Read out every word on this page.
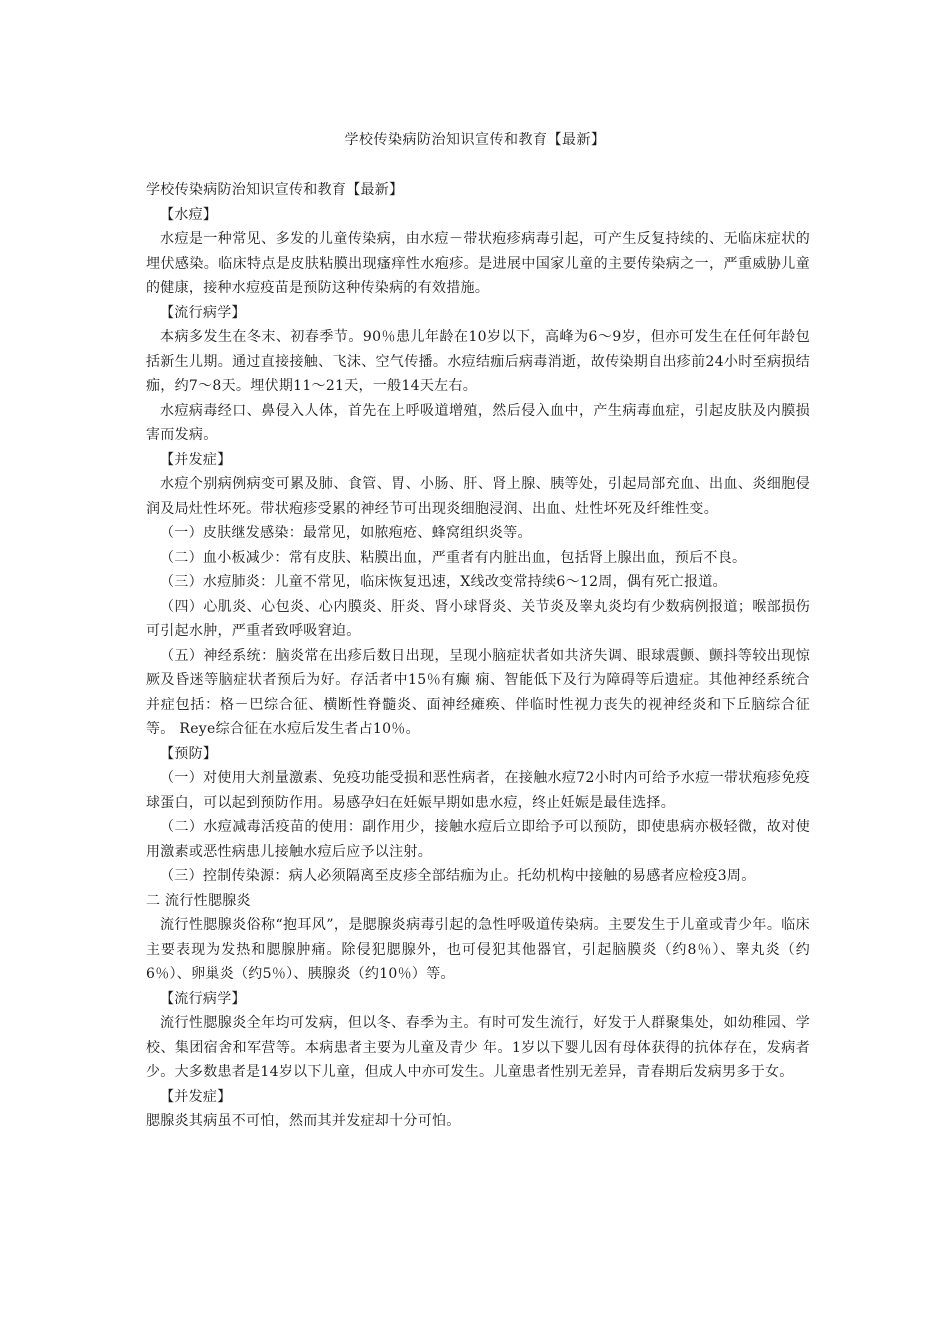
学校传染病防治知识宣传和教育【最新】

学校传染病防治知识宣传和教育【最新】

【水痘】

水痘是一种常见、多发的儿童传染病，由水痘－带状疱疹病毒引起，可产生反复持续的、无临床症状的埋伏感染。临床特点是皮肤粘膜出现瘙痒性水疱疹。是进展中国家儿童的主要传染病之一，严重威胁儿童的健康，接种水痘疫苗是预防这种传染病的有效措施。

【流行病学】

本病多发生在冬末、初春季节。90％患儿年龄在10岁以下，高峰为6～9岁，但亦可发生在任何年龄包括新生儿期。通过直接接触、飞沫、空气传播。水痘结痂后病毒消逝，故传染期自出疹前24小时至病损结痂，约7～8天。埋伏期11～21天，一般14天左右。

水痘病毒经口、鼻侵入人体，首先在上呼吸道增殖，然后侵入血中，产生病毒血症，引起皮肤及内膜损害而发病。

【并发症】

水痘个别病例病变可累及肺、食管、胃、小肠、肝、肾上腺、胰等处，引起局部充血、出血、炎细胞侵润及局灶性坏死。带状疱疹受累的神经节可出现炎细胞浸润、出血、灶性坏死及纤维性变。

（一）皮肤继发感染：最常见，如脓疱疮、蜂窝组织炎等。

（二）血小板减少：常有皮肤、粘膜出血，严重者有内脏出血，包括肾上腺出血，预后不良。

（三）水痘肺炎：儿童不常见，临床恢复迅速，X线改变常持续6～12周，偶有死亡报道。

（四）心肌炎、心包炎、心内膜炎、肝炎、肾小球肾炎、关节炎及睾丸炎均有少数病例报道；喉部损伤可引起水肿，严重者致呼吸窘迫。

（五）神经系统：脑炎常在出疹后数日出现，呈现小脑症状者如共济失调、眼球震颤、颤抖等较出现惊厥及昏迷等脑症状者预后为好。存活者中15％有癫 痫、智能低下及行为障碍等后遗症。其他神经系统合并症包括：格－巴综合征、横断性脊髓炎、面神经瘫痪、伴临时性视力丧失的视神经炎和下丘脑综合征等。 Reye综合征在水痘后发生者占10％。

【预防】

（一）对使用大剂量激素、免疫功能受损和恶性病者，在接触水痘72小时内可给予水痘一带状疱疹免疫球蛋白，可以起到预防作用。易感孕妇在妊娠早期如患水痘，终止妊娠是最佳选择。

（二）水痘减毒活疫苗的使用：副作用少，接触水痘后立即给予可以预防，即使患病亦极轻微，故对使用激素或恶性病患儿接触水痘后应予以注射。

（三）控制传染源：病人必须隔离至皮疹全部结痂为止。托幼机构中接触的易感者应检疫3周。

二 流行性腮腺炎

流行性腮腺炎俗称“抱耳风”，是腮腺炎病毒引起的急性呼吸道传染病。主要发生于儿童或青少年。临床主要表现为发热和腮腺肿痛。除侵犯腮腺外，也可侵犯其他器官，引起脑膜炎（约8％）、睾丸炎（约6％）、卵巢炎（约5％）、胰腺炎（约10％）等。

【流行病学】

流行性腮腺炎全年均可发病，但以冬、春季为主。有时可发生流行，好发于人群聚集处，如幼稚园、学校、集团宿舍和军营等。本病患者主要为儿童及青少 年。1岁以下婴儿因有母体获得的抗体存在，发病者少。大多数患者是14岁以下儿童，但成人中亦可发生。儿童患者性别无差异，青春期后发病男多于女。

【并发症】

腮腺炎其病虽不可怕，然而其并发症却十分可怕。
